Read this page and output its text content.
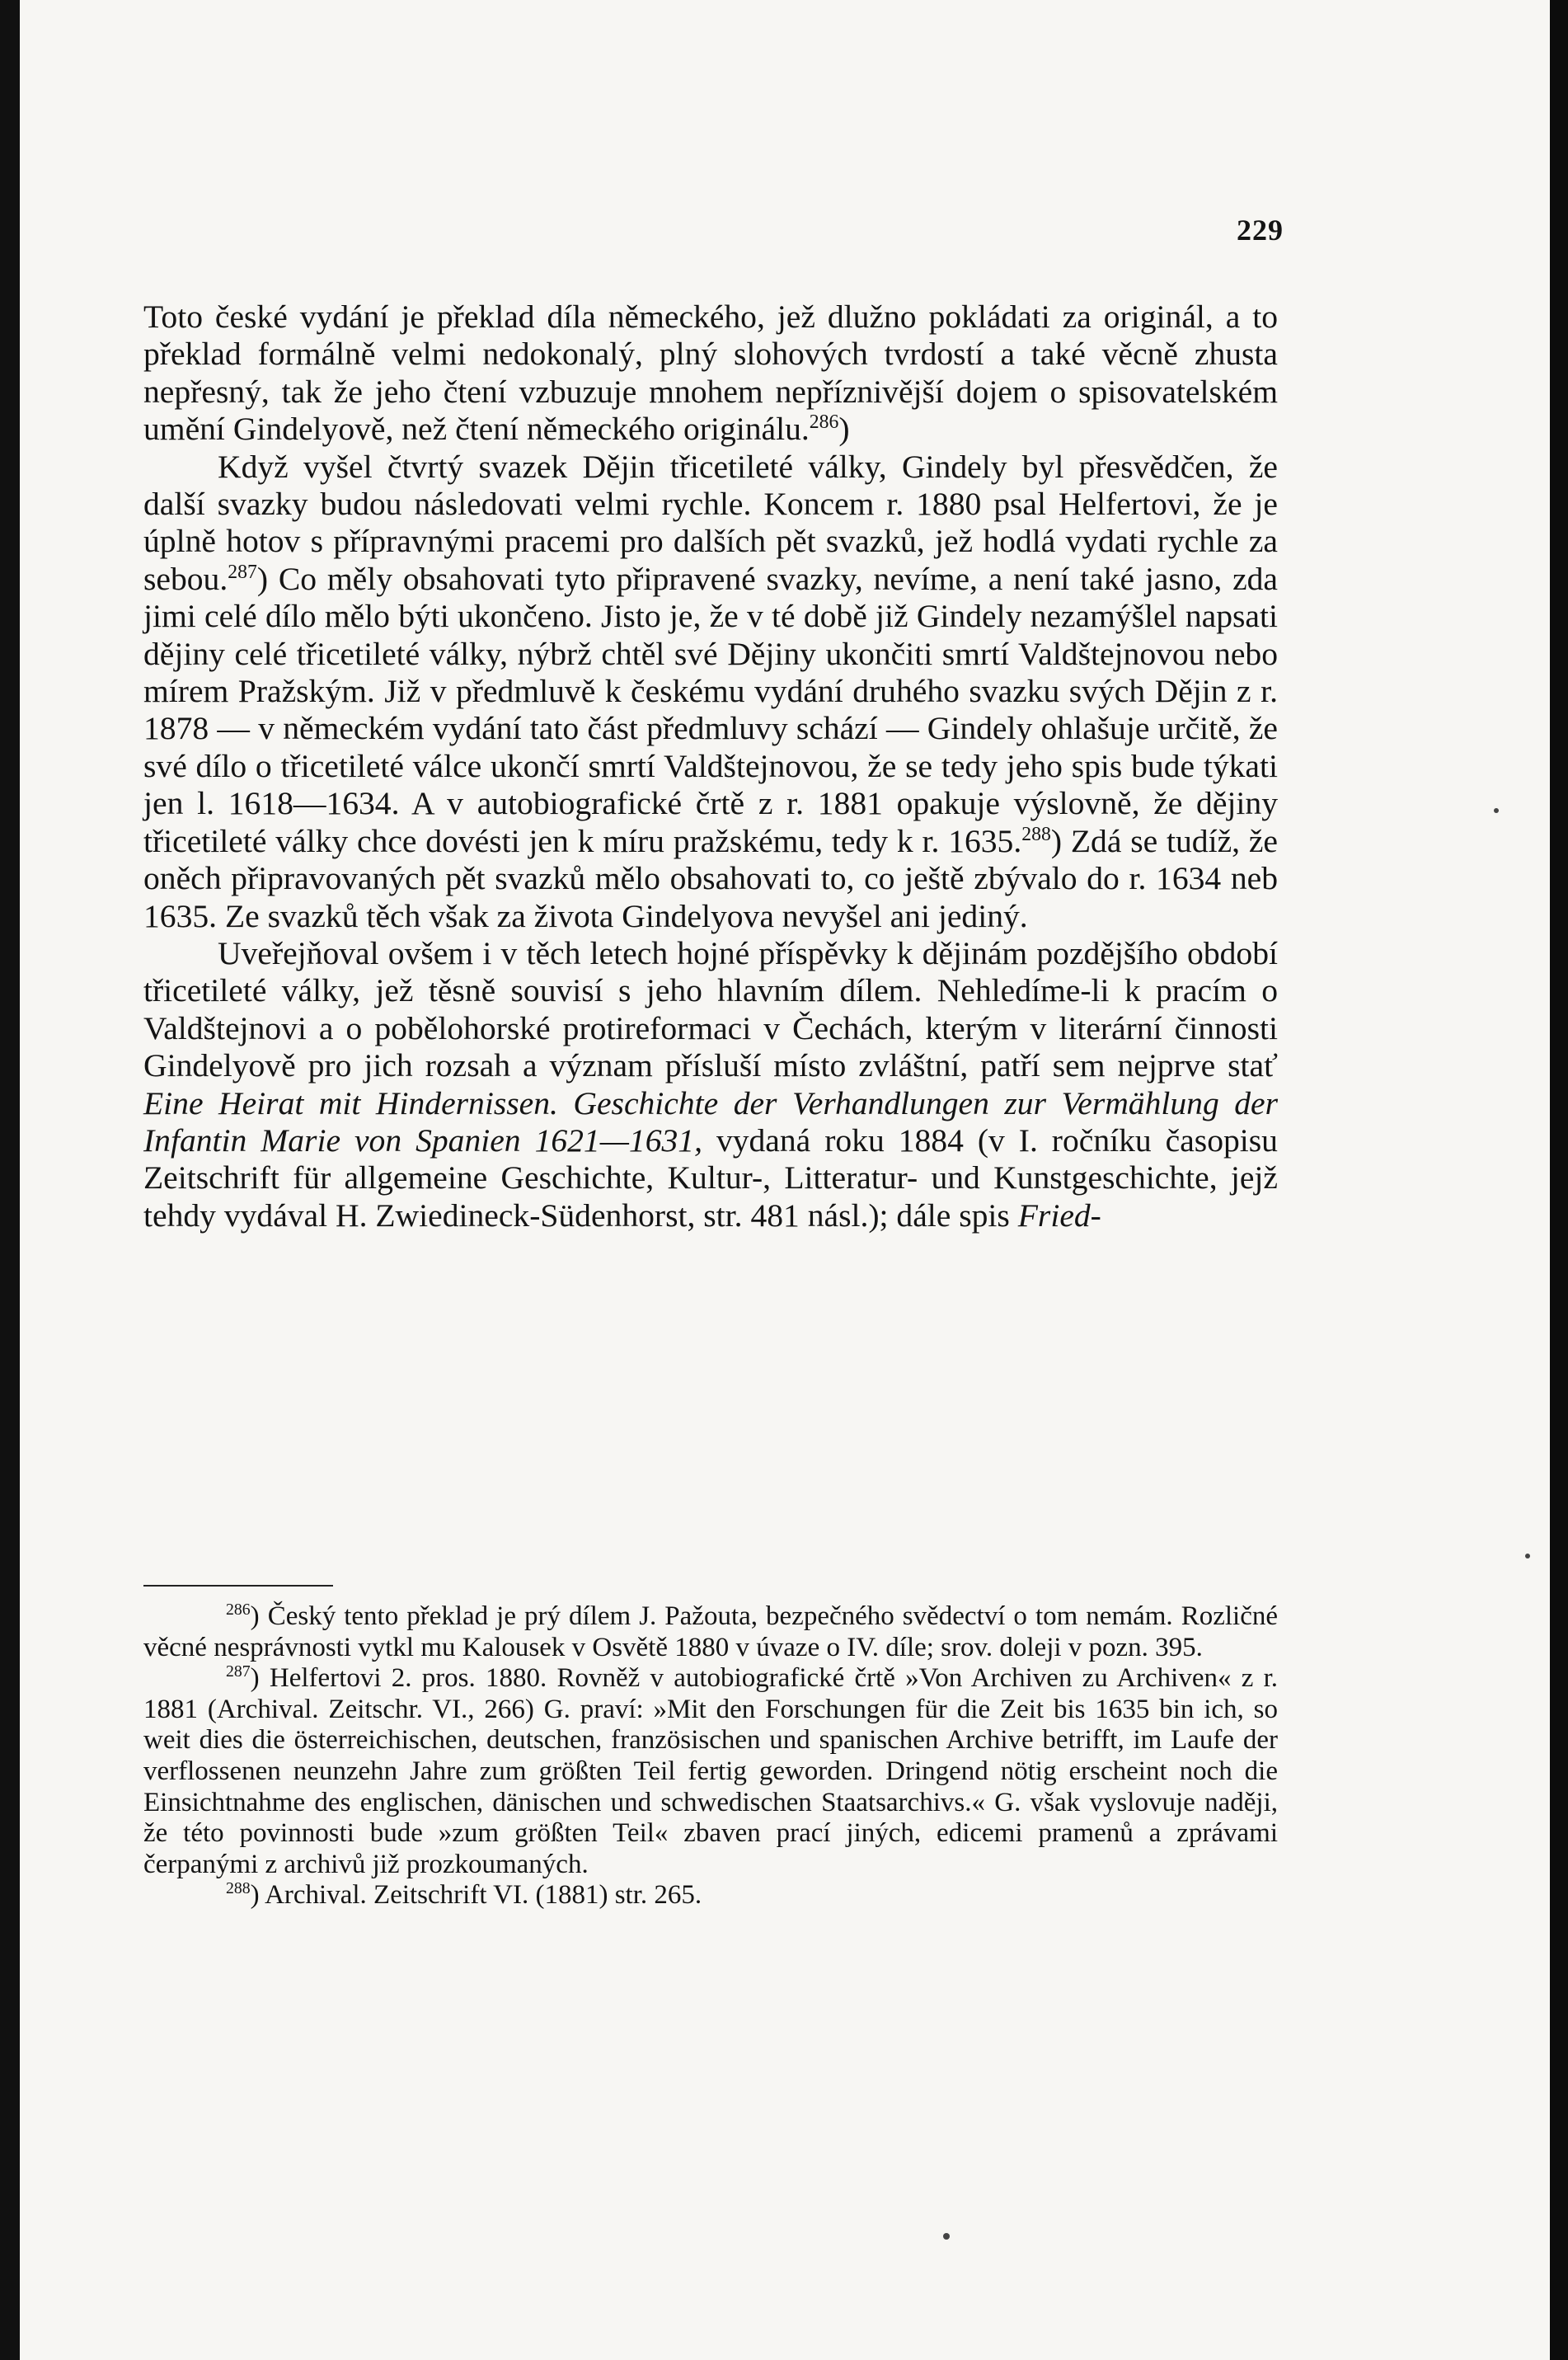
229

Toto české vydání je překlad díla německého, jež dlužno pokládati za originál, a to překlad formálně velmi nedokonalý, plný slohových tvrdostí a také věcně zhusta nepřesný, tak že jeho čtení vzbuzuje mnohem nepříznivější dojem o spisovatelském umění Gindelyově, než čtení německého originálu.$^{286}$)

Když vyšel čtvrtý svazek Dějin třicetileté války, Gindely byl přesvědčen, že další svazky budou následovati velmi rychle. Koncem r. 1880 psal Helfertovi, že je úplně hotov s přípravnými pracemi pro dalších pět svazků, jež hodlá vydati rychle za sebou.$^{287}$) Co měly obsahovati tyto připravené svazky, nevíme, a není také jasno, zda jimi celé dílo mělo býti ukončeno. Jisto je, že v té době již Gindely nezamýšlel napsati dějiny celé třicetileté války, nýbrž chtěl své Dějiny ukončiti smrtí Valdštejnovou nebo mírem Pražským. Již v předmluvě k českému vydání druhého svazku svých Dějin z r. 1878 — v německém vydání tato část předmluvy schází — Gindely ohlašuje určitě, že své dílo o třicetileté válce ukončí smrtí Valdštejnovou, že se tedy jeho spis bude týkati jen l. 1618—1634. A v autobiografické črtě z r. 1881 opakuje výslovně, že dějiny třicetileté války chce dovésti jen k míru pražskému, tedy k r. 1635.$^{288}$) Zdá se tudíž, že oněch připravovaných pět svazků mělo obsahovati to, co ještě zbývalo do r. 1634 neb 1635. Ze svazků těch však za života Gindelyova nevyšel ani jediný.

Uveřejňoval ovšem i v těch letech hojné příspěvky k dějinám pozdějšího období třicetileté války, jež těsně souvisí s jeho hlavním dílem. Nehledíme-li k pracím o Valdštejnovi a o pobělohorské protireformaci v Čechách, kterým v literární činnosti Gindelyově pro jich rozsah a význam přísluší místo zvláštní, patří sem nejprve stať Eine Heirat mit Hindernissen. Geschichte der Verhandlungen zur Vermählung der Infantin Marie von Spanien 1621—1631, vydaná roku 1884 (v I. ročníku časopisu Zeitschrift für allgemeine Geschichte, Kultur-, Litteratur- und Kunstgeschichte, jejž tehdy vydával H. Zwiedineck-Südenhorst, str. 481 násl.); dále spis Fried-

$^{286}$) Český tento překlad je prý dílem J. Pažouta, bezpečného svědectví o tom nemám. Rozličné věcné nesprávnosti vytkl mu Kalousek v Osvětě 1880 v úvaze o IV. díle; srov. doleji v pozn. 395.

$^{287}$) Helfertovi 2. pros. 1880. Rovněž v autobiografické črtě »Von Archiven zu Archiven« z r. 1881 (Archival. Zeitschr. VI., 266) G. praví: »Mit den Forschungen für die Zeit bis 1635 bin ich, so weit dies die österreichischen, deutschen, französischen und spanischen Archive betrifft, im Laufe der verflossenen neunzehn Jahre zum größten Teil fertig geworden. Dringend nötig erscheint noch die Einsichtnahme des englischen, dänischen und schwedischen Staatsarchivs.« G. však vyslovuje naději, že této povinnosti bude »zum größten Teil« zbaven prací jiných, edicemi pramenů a zprávami čerpanými z archivů již prozkoumaných.

$^{288}$) Archival. Zeitschrift VI. (1881) str. 265.
